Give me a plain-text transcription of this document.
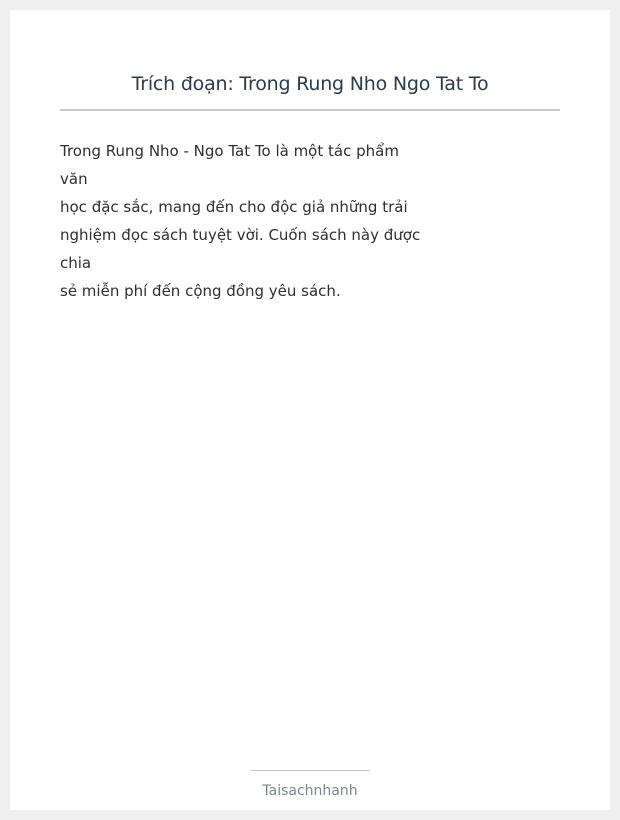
Trích đoạn: Trong Rung Nho Ngo Tat To

Trong Rung Nho - Ngo Tat To là một tác phẩm
văn
học đặc sắc, mang đến cho độc giả những trải
nghiệm đọc sách tuyệt vời. Cuốn sách này được
chia
sẻ miễn phí đến cộng đồng yêu sách.

Taisachnhanh
